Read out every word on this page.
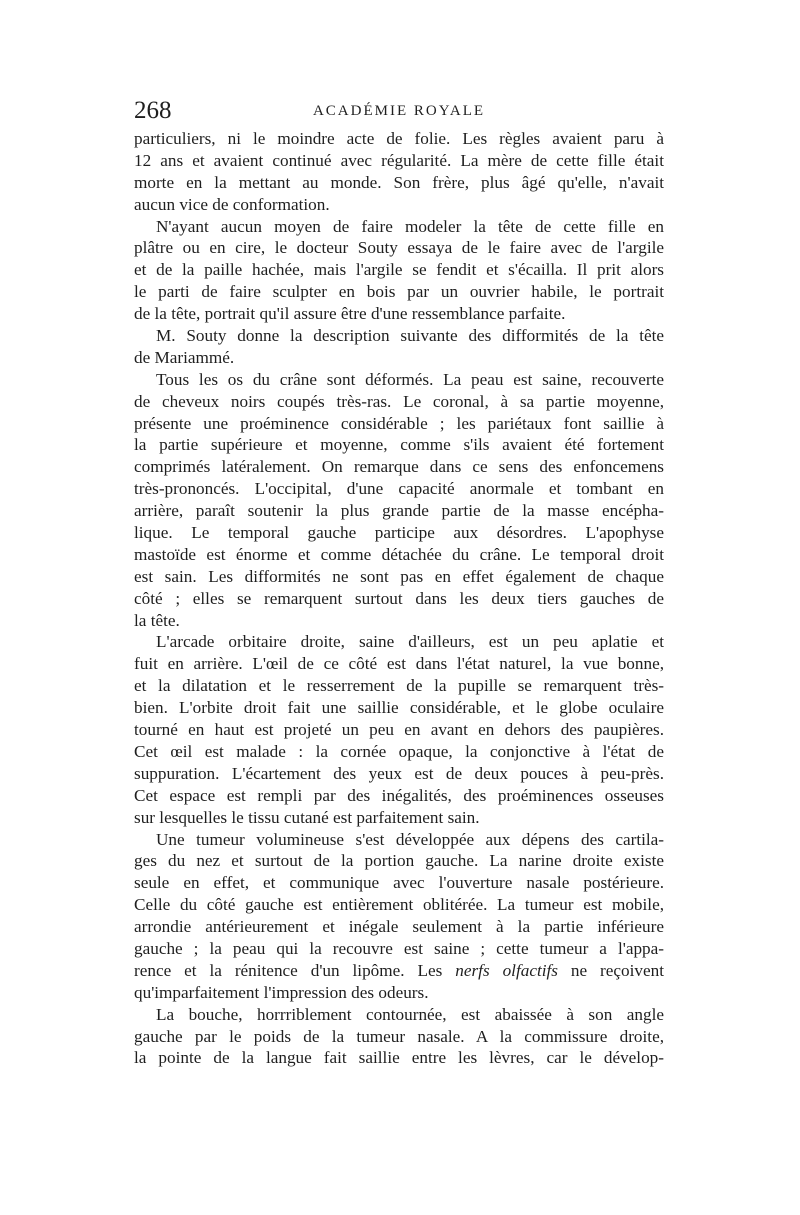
268	ACADÉMIE ROYALE
particuliers, ni le moindre acte de folie. Les règles avaient paru à
12 ans et avaient continué avec régularité. La mère de cette fille était
morte en la mettant au monde. Son frère, plus âgé qu'elle, n'avait
aucun vice de conformation.
N'ayant aucun moyen de faire modeler la tête de cette fille en
plâtre ou en cire, le docteur Souty essaya de le faire avec de l'argile
et de la paille hachée, mais l'argile se fendit et s'écailla. Il prit alors
le parti de faire sculpter en bois par un ouvrier habile, le portrait
de la tête, portrait qu'il assure être d'une ressemblance parfaite.
M. Souty donne la description suivante des difformités de la tête
de Mariammé.
Tous les os du crâne sont déformés. La peau est saine, recouverte
de cheveux noirs coupés très-ras. Le coronal, à sa partie moyenne,
présente une proéminence considérable ; les pariétaux font saillie à
la partie supérieure et moyenne, comme s'ils avaient été fortement
comprimés latéralement. On remarque dans ce sens des enfoncemens
très-prononcés. L'occipital, d'une capacité anormale et tombant en
arrière, paraît soutenir la plus grande partie de la masse encépha-
lique. Le temporal gauche participe aux désordres. L'apophyse
mastoïde est énorme et comme détachée du crâne. Le temporal droit
est sain. Les difformités ne sont pas en effet également de chaque
côté ; elles se remarquent surtout dans les deux tiers gauches de
la tête.
L'arcade orbitaire droite, saine d'ailleurs, est un peu aplatie et
fuit en arrière. L'œil de ce côté est dans l'état naturel, la vue bonne,
et la dilatation et le resserrement de la pupille se remarquent très-
bien. L'orbite droit fait une saillie considérable, et le globe oculaire
tourné en haut est projeté un peu en avant en dehors des paupières.
Cet œil est malade : la cornée opaque, la conjonctive à l'état de
suppuration. L'écartement des yeux est de deux pouces à peu-près.
Cet espace est rempli par des inégalités, des proéminences osseuses
sur lesquelles le tissu cutané est parfaitement sain.
Une tumeur volumineuse s'est développée aux dépens des cartila-
ges du nez et surtout de la portion gauche. La narine droite existe
seule en effet, et communique avec l'ouverture nasale postérieure.
Celle du côté gauche est entièrement oblitérée. La tumeur est mobile,
arrondie antérieurement et inégale seulement à la partie inférieure
gauche ; la peau qui la recouvre est saine ; cette tumeur a l'appa-
rence et la rénitence d'un lipôme. Les nerfs olfactifs ne reçoivent
qu'imparfaitement l'impression des odeurs.
La bouche, horrriblement contournée, est abaissée à son angle
gauche par le poids de la tumeur nasale. A la commissure droite,
la pointe de la langue fait saillie entre les lèvres, car le dévelop-
